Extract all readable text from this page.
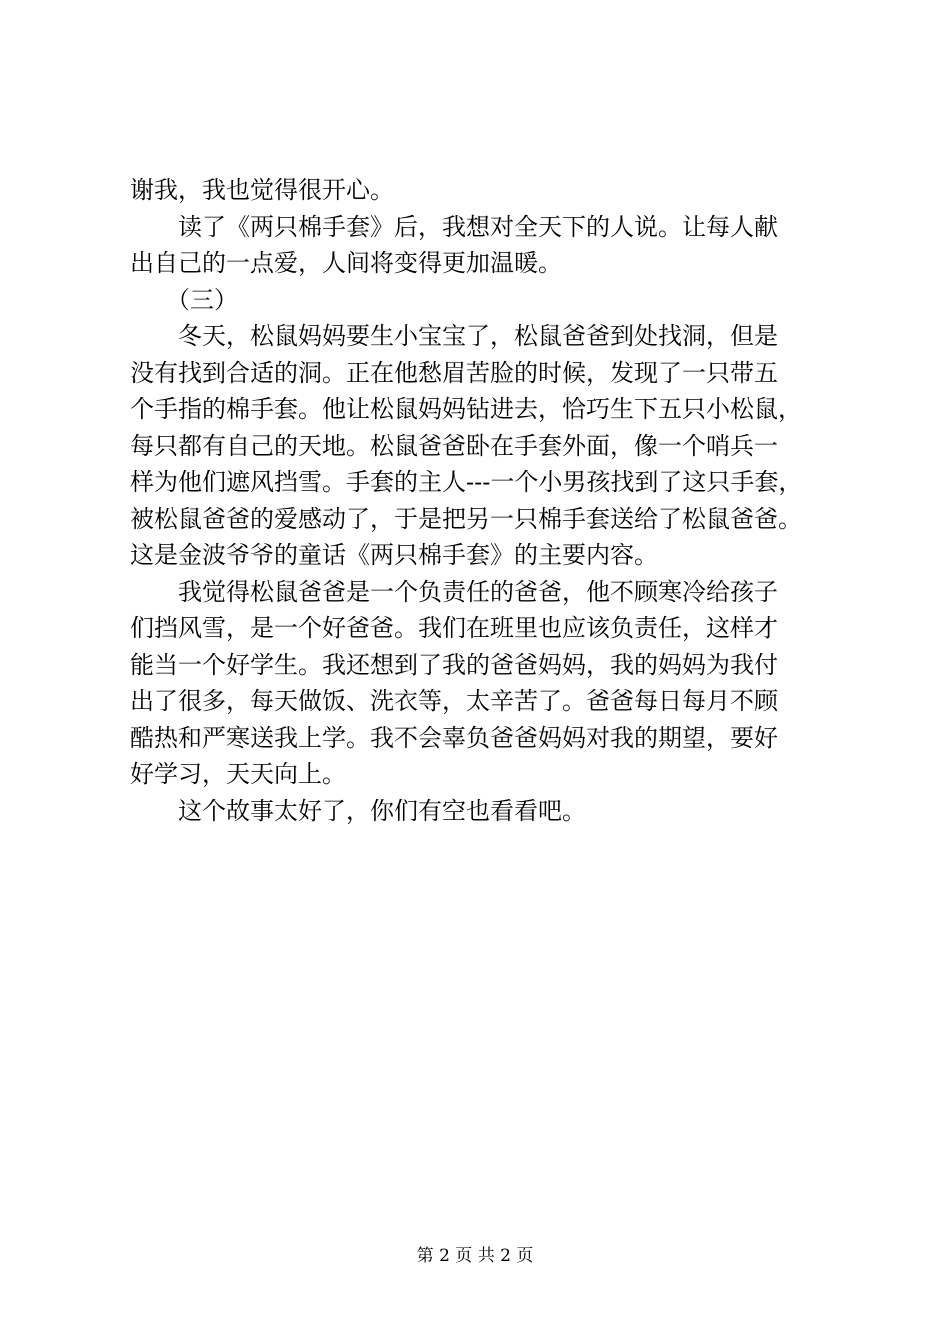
谢我，我也觉得很开心。
　　读了《两只棉手套》后，我想对全天下的人说。让每人献
出自己的一点爱，人间将变得更加温暖。
　　（三）
　　冬天，松鼠妈妈要生小宝宝了，松鼠爸爸到处找洞，但是
没有找到合适的洞。正在他愁眉苦脸的时候，发现了一只带五
个手指的棉手套。他让松鼠妈妈钻进去，恰巧生下五只小松鼠，
每只都有自己的天地。松鼠爸爸卧在手套外面，像一个哨兵一
样为他们遮风挡雪。手套的主人---一个小男孩找到了这只手套，
被松鼠爸爸的爱感动了，于是把另一只棉手套送给了松鼠爸爸。
这是金波爷爷的童话《两只棉手套》的主要内容。
　　我觉得松鼠爸爸是一个负责任的爸爸，他不顾寒冷给孩子
们挡风雪，是一个好爸爸。我们在班里也应该负责任，这样才
能当一个好学生。我还想到了我的爸爸妈妈，我的妈妈为我付
出了很多，每天做饭、洗衣等，太辛苦了。爸爸每日每月不顾
酷热和严寒送我上学。我不会辜负爸爸妈妈对我的期望，要好
好学习，天天向上。
　　这个故事太好了，你们有空也看看吧。
第 2 页 共 2 页
